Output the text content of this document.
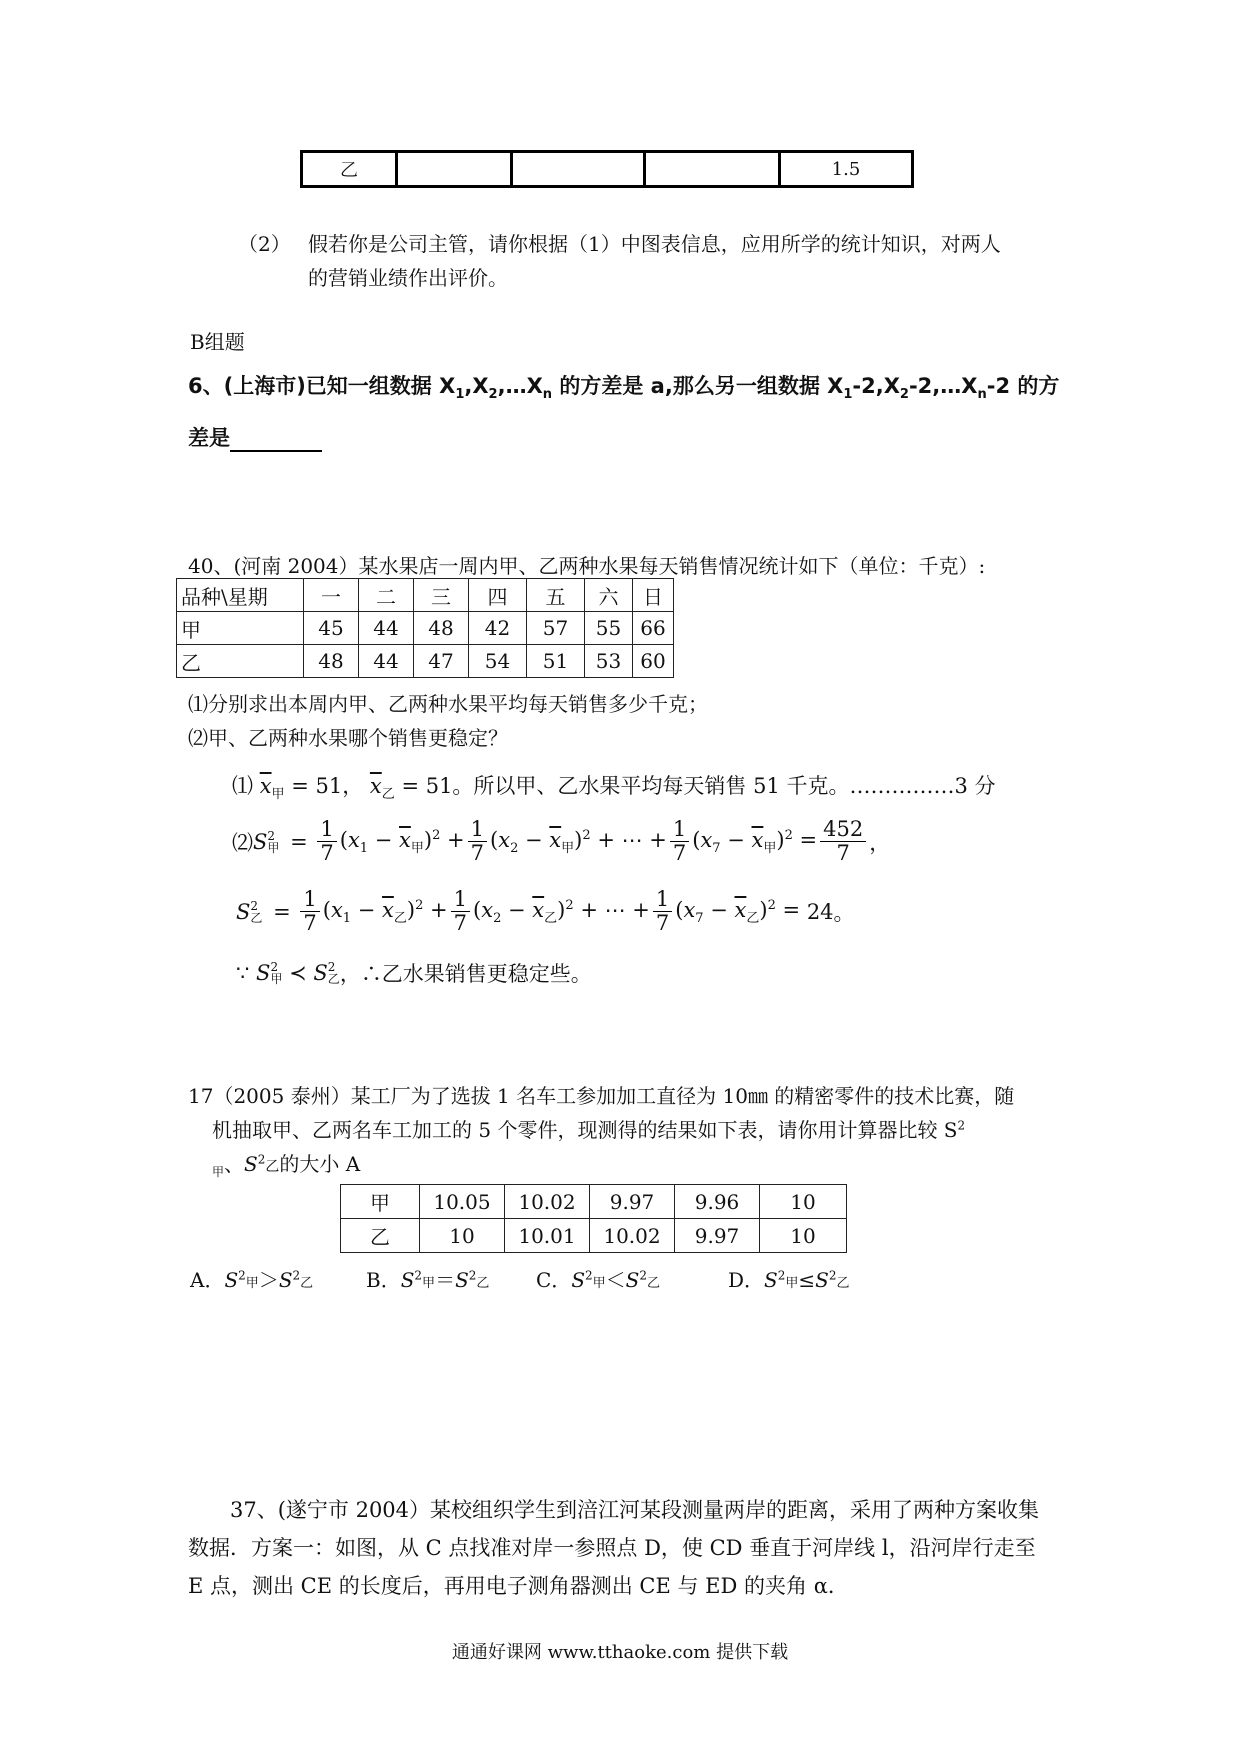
乙				1.5
（2） 假若你是公司主管，请你根据（1）中图表信息，应用所学的统计知识，对两人
的营销业绩作出评价。
B组题
6、(上海市)已知一组数据 $X_1,X_2,\dots X_n$ 的方差是 a,那么另一组数据 $X_1-2,X_2-2,\dots X_n-2$ 的方
差是
40、(河南 2004）某水果店一周内甲、乙两种水果每天销售情况统计如下（单位：千克）:
品种\星期	一	二	三	四	五	六	日
甲	45	44	48	42	57	55	66
乙	48	44	47	54	51	53	60
⑴分别求出本周内甲、乙两种水果平均每天销售多少千克；
⑵甲、乙两种水果哪个销售更稳定？
⑴ $\overline{x}_甲 = 51$， $\overline{x}_乙 = 51$。所以甲、乙水果平均每天销售 51 千克。……………3 分
⑵ S 2
甲 = $\frac{1}{7} (x_1 - \overline{x}_甲)^2 + \frac{1}{7} (x_2 - \overline{x}_甲)^2$ + ⋯ + $\frac{1}{7} (x_7 - \overline{x}_甲)^2 = \frac{452}{7}$ ，
S 2
乙 = $\frac{1}{7} (x_1 - \overline{x}_乙)^2 + \frac{1}{7} (x_2 - \overline{x}_乙)^2$ + ⋯ + $\frac{1}{7} (x_7 - \overline{x}_乙)^2 = 24$ 。
∵ S 2
甲 ≺ S 2
乙 ， ∴乙水果销售更稳定些。
17（2005 泰州）某工厂为了选拔 1 名车工参加加工直径为 10㎜ 的精密零件的技术比赛，随
机抽取甲、乙两名车工加工的 5 个零件，现测得的结果如下表，请你用计算器比较 $S^2$
$_甲$、$S^2$乙的大小 A
甲	10.05	10.02	9.97	9.96	10
乙	10	10.01	10.02	9.97	10
A．$S^2$甲$>S^2$乙	B．$S^2$甲$=S^2$乙 C．$S^2$甲$<S^2$乙	D．$S^2$甲$\le S^2$乙
37、(遂宁市 2004）某校组织学生到涪江河某段测量两岸的距离，采用了两种方案收集
数据．方案一：如图，从 C 点找准对岸一参照点 D，使 CD 垂直于河岸线 l，沿河岸行走至
E 点，测出 CE 的长度后，再用电子测角器测出 CE 与 ED 的夹角 α．
通通好课网 www.tthaoke.com 提供下载
